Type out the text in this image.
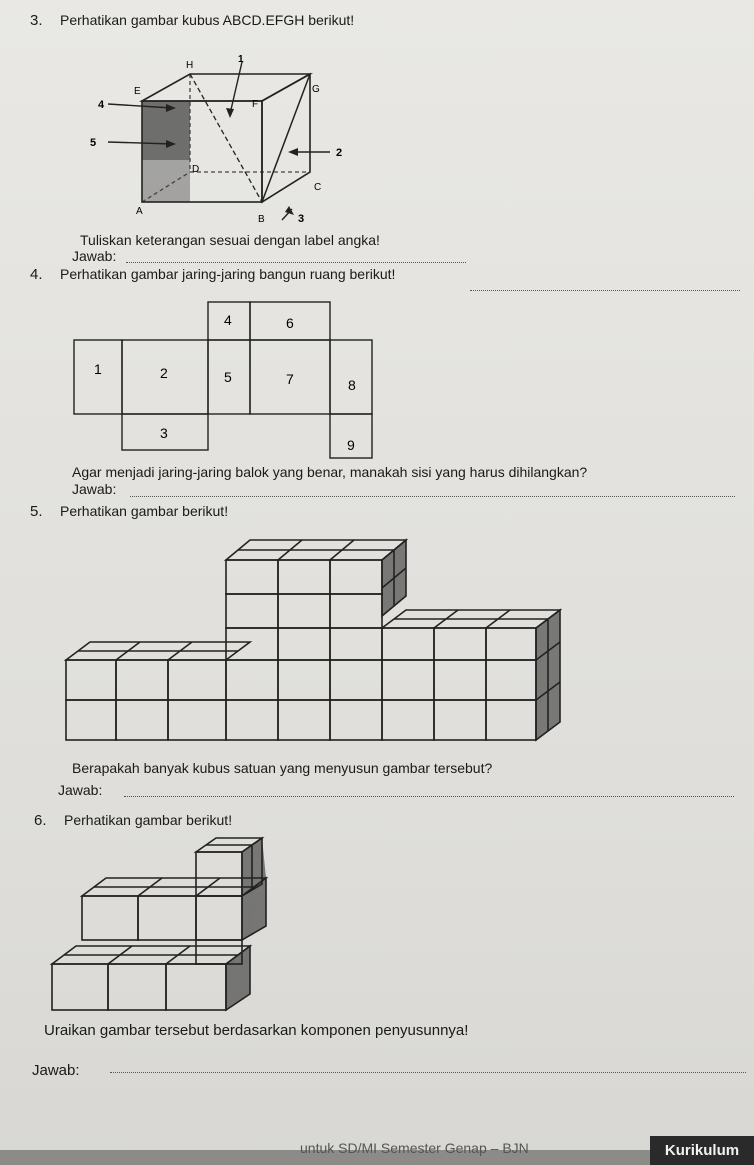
3. Perhatikan gambar kubus ABCD.EFGH berikut!
E
H
G
F
D
C
A
B
1
2
3
4
5
Tuliskan keterangan sesuai dengan label angka!
Jawab:
4. Perhatikan gambar jaring-jaring bangun ruang berikut!
4	6
1	2	5	7	8
3
9
Agar menjadi jaring-jaring balok yang benar, manakah sisi yang harus dihilangkan?
Jawab:
5. Perhatikan gambar berikut!
Berapakah banyak kubus satuan yang menyusun gambar tersebut?
Jawab:
6. Perhatikan gambar berikut!
Uraikan gambar tersebut berdasarkan komponen penyusunnya!
Jawab:
untuk SD/MI Semester Genap – BJN	Kurikulum
